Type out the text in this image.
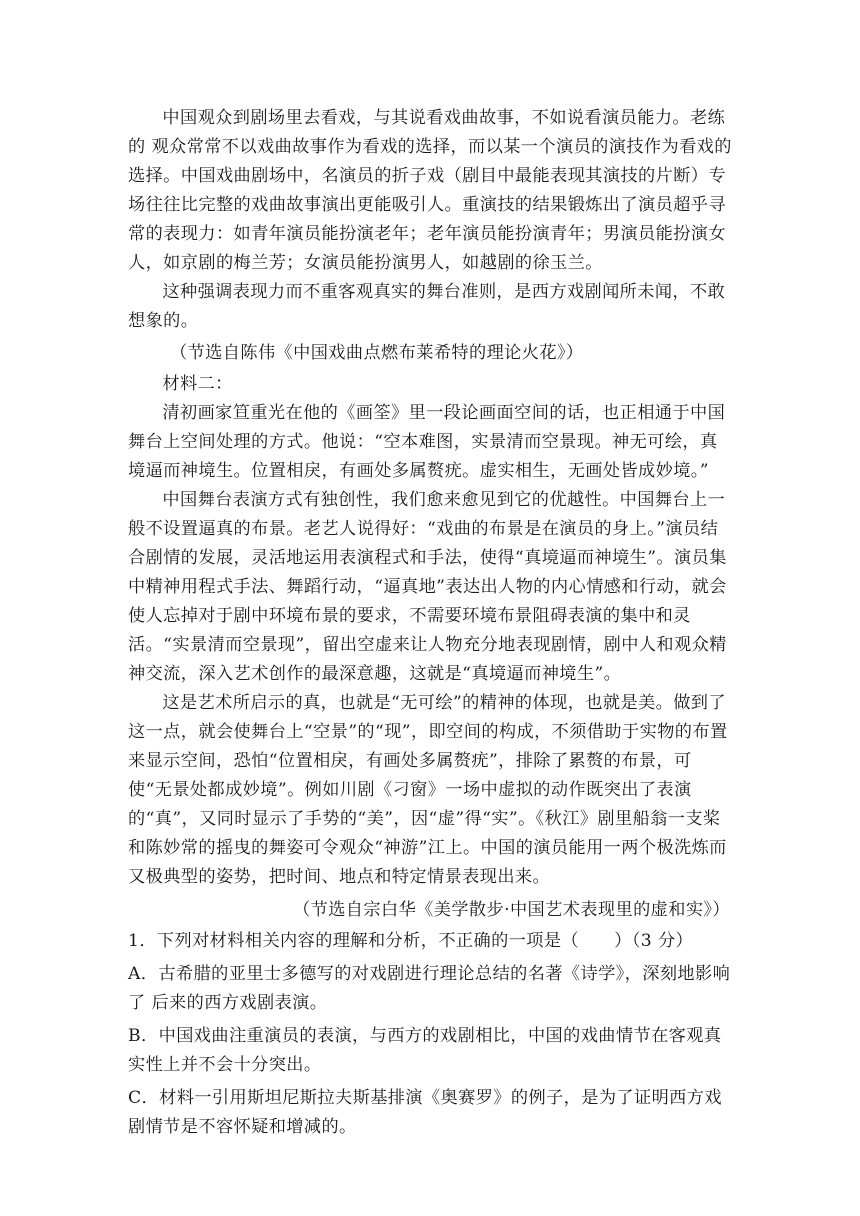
中国观众到剧场里去看戏，与其说看戏曲故事，不如说看演员能力。老练的 观众常常不以戏曲故事作为看戏的选择，而以某一个演员的演技作为看戏的选择。中国戏曲剧场中，名演员的折子戏（剧目中最能表现其演技的片断）专场往往比完整的戏曲故事演出更能吸引人。重演技的结果锻炼出了演员超乎寻常的表现力：如青年演员能扮演老年；老年演员能扮演青年；男演员能扮演女人，如京剧的梅兰芳；女演员能扮演男人，如越剧的徐玉兰。

这种强调表现力而不重客观真实的舞台准则，是西方戏剧闻所未闻，不敢想象的。

（节选自陈伟《中国戏曲点燃布莱希特的理论火花》）

材料二：

清初画家笪重光在他的《画筌》里一段论画面空间的话，也正相通于中国舞台上空间处理的方式。他说：“空本难图，实景清而空景现。神无可绘，真境逼而神境生。位置相戾，有画处多属赘疣。虚实相生，无画处皆成妙境。”

中国舞台表演方式有独创性，我们愈来愈见到它的优越性。中国舞台上一般不设置逼真的布景。老艺人说得好：“戏曲的布景是在演员的身上。”演员结合剧情的发展，灵活地运用表演程式和手法，使得“真境逼而神境生”。演员集中精神用程式手法、舞蹈行动，“逼真地”表达出人物的内心情感和行动，就会使人忘掉对于剧中环境布景的要求，不需要环境布景阻碍表演的集中和灵活。“实景清而空景现”，留出空虚来让人物充分地表现剧情，剧中人和观众精神交流，深入艺术创作的最深意趣，这就是“真境逼而神境生”。

这是艺术所启示的真，也就是“无可绘”的精神的体现，也就是美。做到了这一点，就会使舞台上“空景”的“现”，即空间的构成，不须借助于实物的布置来显示空间，恐怕“位置相戾，有画处多属赘疣”，排除了累赘的布景，可使“无景处都成妙境”。例如川剧《刁窗》一场中虚拟的动作既突出了表演的“真”，又同时显示了手势的“美”，因“虚”得“实”。《秋江》剧里船翁一支桨和陈妙常的摇曳的舞姿可令观众“神游”江上。中国的演员能用一两个极洗炼而又极典型的姿势，把时间、地点和特定情景表现出来。

（节选自宗白华《美学散步·中国艺术表现里的虚和实》）

1．下列对材料相关内容的理解和分析，不正确的一项是（　　）（3 分）

A．古希腊的亚里士多德写的对戏剧进行理论总结的名著《诗学》，深刻地影响了 后来的西方戏剧表演。

B．中国戏曲注重演员的表演，与西方的戏剧相比，中国的戏曲情节在客观真实性上并不会十分突出。

C．材料一引用斯坦尼斯拉夫斯基排演《奥赛罗》的例子，是为了证明西方戏剧情节是不容怀疑和增减的。
